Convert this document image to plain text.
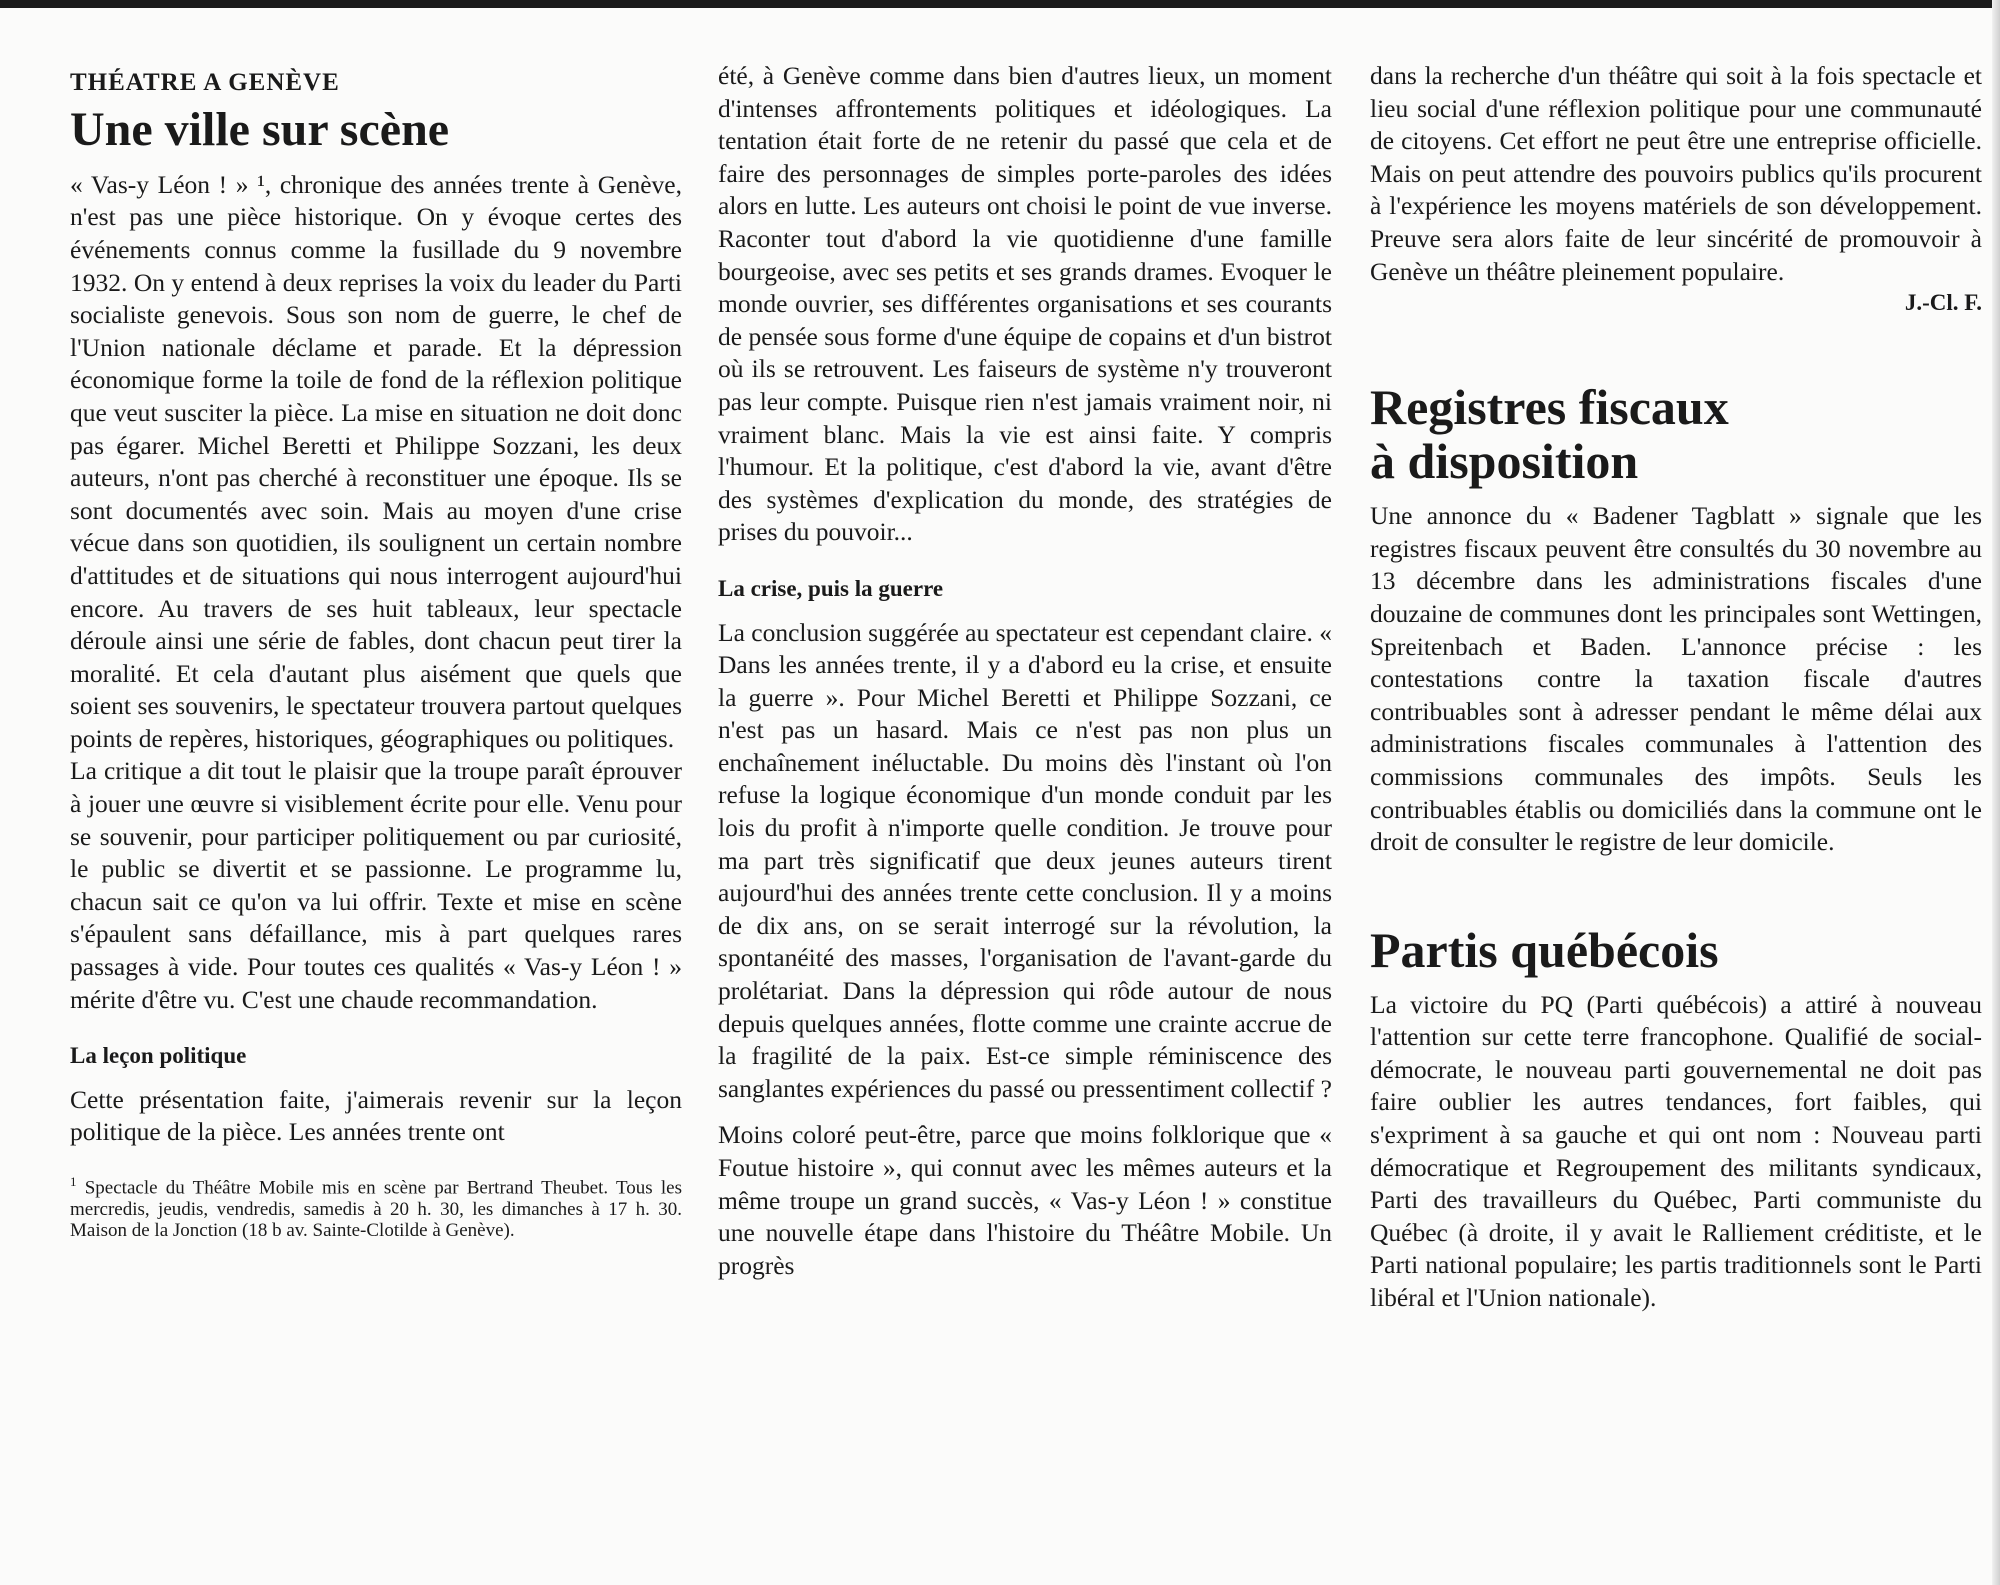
THÉATRE A GENÈVE
Une ville sur scène

« Vas-y Léon ! » ¹, chronique des années trente à Genève, n'est pas une pièce historique. On y évoque certes des événements connus comme la fusillade du 9 novembre 1932. On y entend à deux reprises la voix du leader du Parti socialiste genevois. Sous son nom de guerre, le chef de l'Union nationale déclame et parade. Et la dépression économique forme la toile de fond de la réflexion politique que veut susciter la pièce. La mise en situation ne doit donc pas égarer. Michel Beretti et Philippe Sozzani, les deux auteurs, n'ont pas cherché à reconstituer une époque. Ils se sont documentés avec soin. Mais au moyen d'une crise vécue dans son quotidien, ils soulignent un certain nombre d'attitudes et de situations qui nous interrogent aujourd'hui encore. Au travers de ses huit tableaux, leur spectacle déroule ainsi une série de fables, dont chacun peut tirer la moralité. Et cela d'autant plus aisément que quels que soient ses souvenirs, le spectateur trouvera partout quelques points de repères, historiques, géographiques ou politiques.

La critique a dit tout le plaisir que la troupe paraît éprouver à jouer une œuvre si visiblement écrite pour elle. Venu pour se souvenir, pour participer politiquement ou par curiosité, le public se divertit et se passionne. Le programme lu, chacun sait ce qu'on va lui offrir. Texte et mise en scène s'épaulent sans défaillance, mis à part quelques rares passages à vide. Pour toutes ces qualités « Vas-y Léon ! » mérite d'être vu. C'est une chaude recommandation.

La leçon politique

Cette présentation faite, j'aimerais revenir sur la leçon politique de la pièce. Les années trente ont

$^1$ Spectacle du Théâtre Mobile mis en scène par Bertrand Theubet. Tous les mercredis, jeudis, vendredis, samedis à 20 h. 30, les dimanches à 17 h. 30. Maison de la Jonction (18 b av. Sainte-Clotilde à Genève).

été, à Genève comme dans bien d'autres lieux, un moment d'intenses affrontements politiques et idéologiques. La tentation était forte de ne retenir du passé que cela et de faire des personnages de simples porte-paroles des idées alors en lutte. Les auteurs ont choisi le point de vue inverse. Raconter tout d'abord la vie quotidienne d'une famille bourgeoise, avec ses petits et ses grands drames. Evoquer le monde ouvrier, ses différentes organisations et ses courants de pensée sous forme d'une équipe de copains et d'un bistrot où ils se retrouvent. Les faiseurs de système n'y trouveront pas leur compte. Puisque rien n'est jamais vraiment noir, ni vraiment blanc. Mais la vie est ainsi faite. Y compris l'humour. Et la politique, c'est d'abord la vie, avant d'être des systèmes d'explication du monde, des stratégies de prises du pouvoir...

La crise, puis la guerre

La conclusion suggérée au spectateur est cependant claire. « Dans les années trente, il y a d'abord eu la crise, et ensuite la guerre ». Pour Michel Beretti et Philippe Sozzani, ce n'est pas un hasard. Mais ce n'est pas non plus un enchaînement inéluctable. Du moins dès l'instant où l'on refuse la logique économique d'un monde conduit par les lois du profit à n'importe quelle condition. Je trouve pour ma part très significatif que deux jeunes auteurs tirent aujourd'hui des années trente cette conclusion. Il y a moins de dix ans, on se serait interrogé sur la révolution, la spontanéité des masses, l'organisation de l'avant-garde du prolétariat. Dans la dépression qui rôde autour de nous depuis quelques années, flotte comme une crainte accrue de la fragilité de la paix. Est-ce simple réminiscence des sanglantes expériences du passé ou pressentiment collectif ?

Moins coloré peut-être, parce que moins folklorique que « Foutue histoire », qui connut avec les mêmes auteurs et la même troupe un grand succès, « Vas-y Léon ! » constitue une nouvelle étape dans l'histoire du Théâtre Mobile. Un progrès

dans la recherche d'un théâtre qui soit à la fois spectacle et lieu social d'une réflexion politique pour une communauté de citoyens. Cet effort ne peut être une entreprise officielle. Mais on peut attendre des pouvoirs publics qu'ils procurent à l'expérience les moyens matériels de son développement. Preuve sera alors faite de leur sincérité de promouvoir à Genève un théâtre pleinement populaire.

J.-Cl. F.
Registres fiscaux
à disposition

Une annonce du « Badener Tagblatt » signale que les registres fiscaux peuvent être consultés du 30 novembre au 13 décembre dans les administrations fiscales d'une douzaine de communes dont les principales sont Wettingen, Spreitenbach et Baden. L'annonce précise : les contestations contre la taxation fiscale d'autres contribuables sont à adresser pendant le même délai aux administrations fiscales communales à l'attention des commissions communales des impôts. Seuls les contribuables établis ou domiciliés dans la commune ont le droit de consulter le registre de leur domicile.

Partis québécois

La victoire du PQ (Parti québécois) a attiré à nouveau l'attention sur cette terre francophone. Qualifié de social-démocrate, le nouveau parti gouvernemental ne doit pas faire oublier les autres tendances, fort faibles, qui s'expriment à sa gauche et qui ont nom : Nouveau parti démocratique et Regroupement des militants syndicaux, Parti des travailleurs du Québec, Parti communiste du Québec (à droite, il y avait le Ralliement créditiste, et le Parti national populaire; les partis traditionnels sont le Parti libéral et l'Union nationale).
